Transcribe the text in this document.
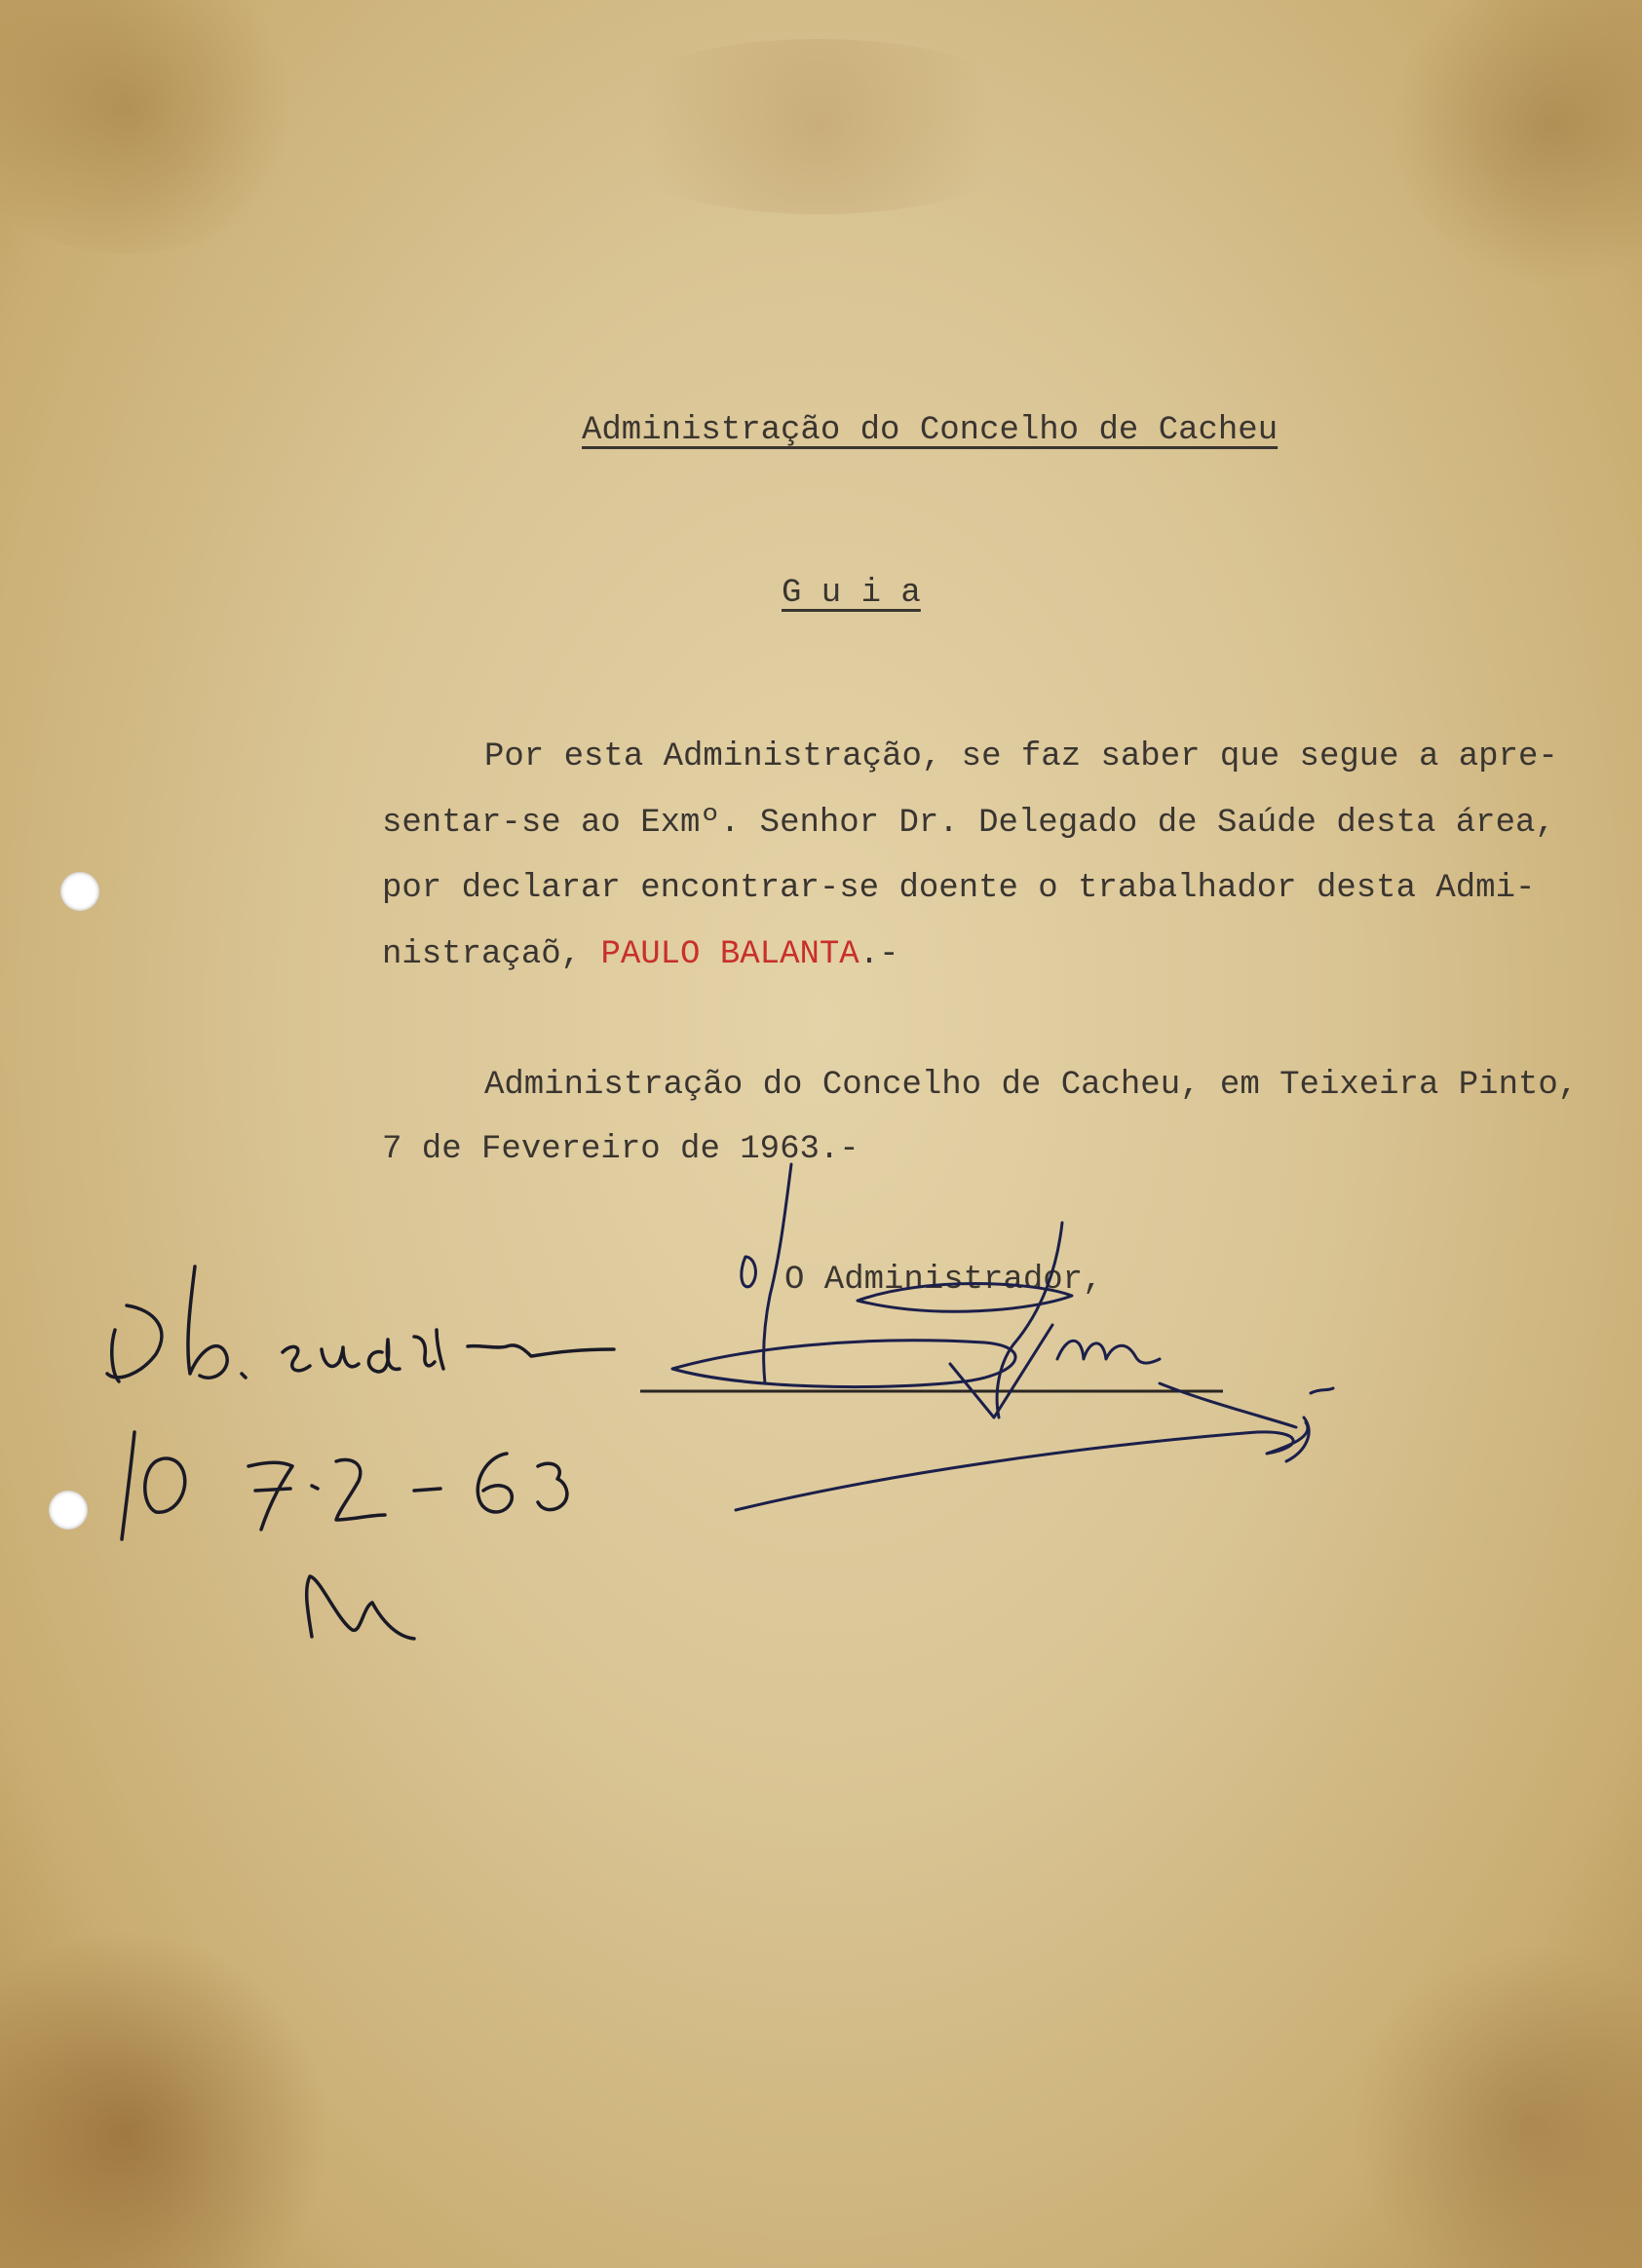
Administração do Concelho de Cacheu
G u i a
Por esta Administração, se faz saber que segue a apre-
sentar-se ao Exmº. Senhor Dr. Delegado de Saúde desta área,
por declarar encontrar-se doente o trabalhador desta Admi-
nistraçaõ, PAULO BALANTA.-
Administração do Concelho de Cacheu, em Teixeira Pinto,
7 de Fevereiro de 1963.-
O Administrador,
